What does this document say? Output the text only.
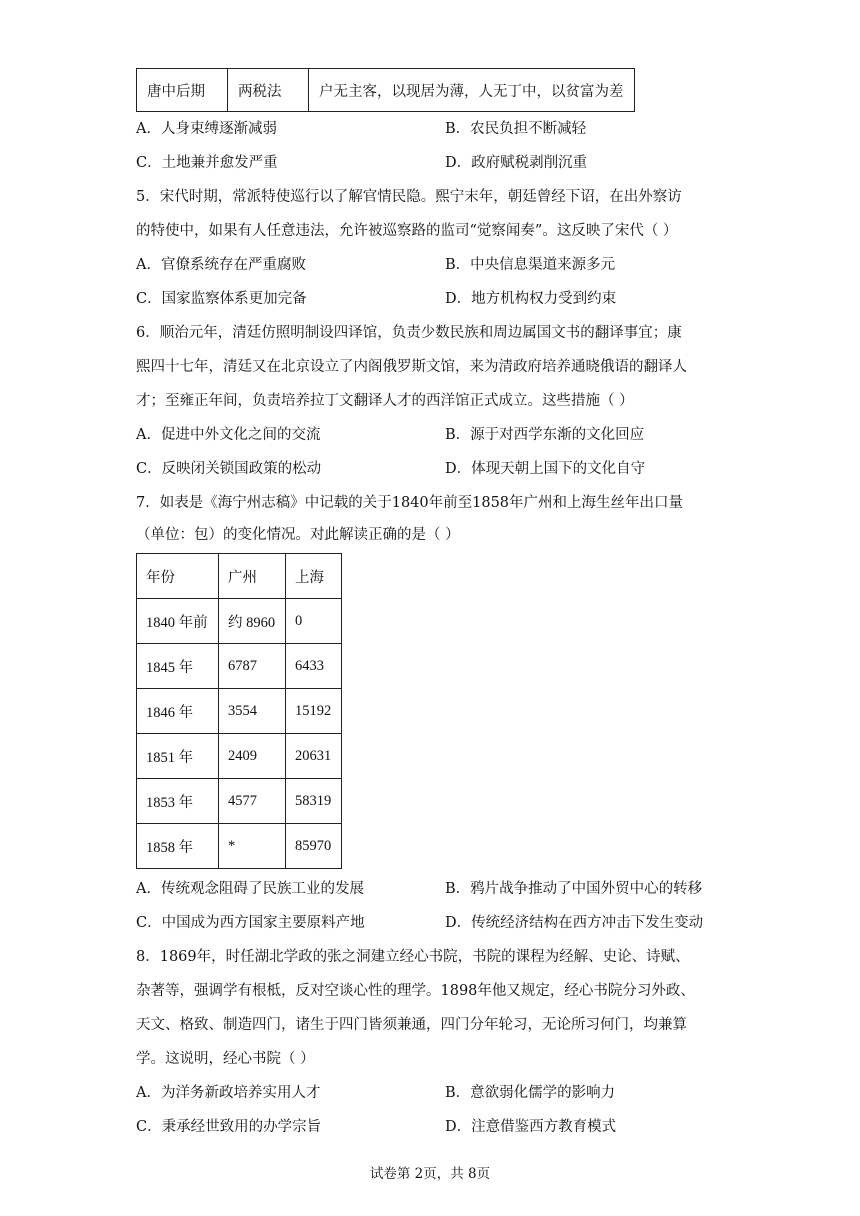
唐中后期	两税法	户无主客，以现居为薄，人无丁中，以贫富为差
A．人身束缚逐渐减弱	B．农民负担不断减轻
C．土地兼并愈发严重	D．政府赋税剥削沉重
5．宋代时期，常派特使巡行以了解官情民隐。熙宁末年，朝廷曾经下诏，在出外察访
的特使中，如果有人任意违法，允许被巡察路的监司“觉察闻奏”。这反映了宋代（ ）
A．官僚系统存在严重腐败	B．中央信息渠道来源多元
C．国家监察体系更加完备	D．地方机构权力受到约束
6．顺治元年，清廷仿照明制设四译馆，负责少数民族和周边属国文书的翻译事宜；康
熙四十七年，清廷又在北京设立了内阁俄罗斯文馆，来为清政府培养通晓俄语的翻译人
才；至雍正年间，负责培养拉丁文翻译人才的西洋馆正式成立。这些措施（ ）
A．促进中外文化之间的交流	B．源于对西学东渐的文化回应
C．反映闭关锁国政策的松动	D．体现天朝上国下的文化自守
7．如表是《海宁州志稿》中记载的关于1840年前至1858年广州和上海生丝年出口量
（单位：包）的变化情况。对此解读正确的是（ ）
年份	广州	上海
1840 年前	约 8960	0
1845 年	6787	6433
1846 年	3554	15192
1851 年	2409	20631
1853 年	4577	58319
1858 年	*	85970
A．传统观念阻碍了民族工业的发展	B．鸦片战争推动了中国外贸中心的转移
C．中国成为西方国家主要原料产地	D．传统经济结构在西方冲击下发生变动
8．1869年，时任湖北学政的张之洞建立经心书院，书院的课程为经解、史论、诗赋、
杂著等，强调学有根柢，反对空谈心性的理学。1898年他又规定，经心书院分习外政、
天文、格致、制造四门，诸生于四门皆须兼通，四门分年轮习，无论所习何门，均兼算
学。这说明，经心书院（ ）
A．为洋务新政培养实用人才	B．意欲弱化儒学的影响力
C．秉承经世致用的办学宗旨	D．注意借鉴西方教育模式
试卷第 2页，共 8页
